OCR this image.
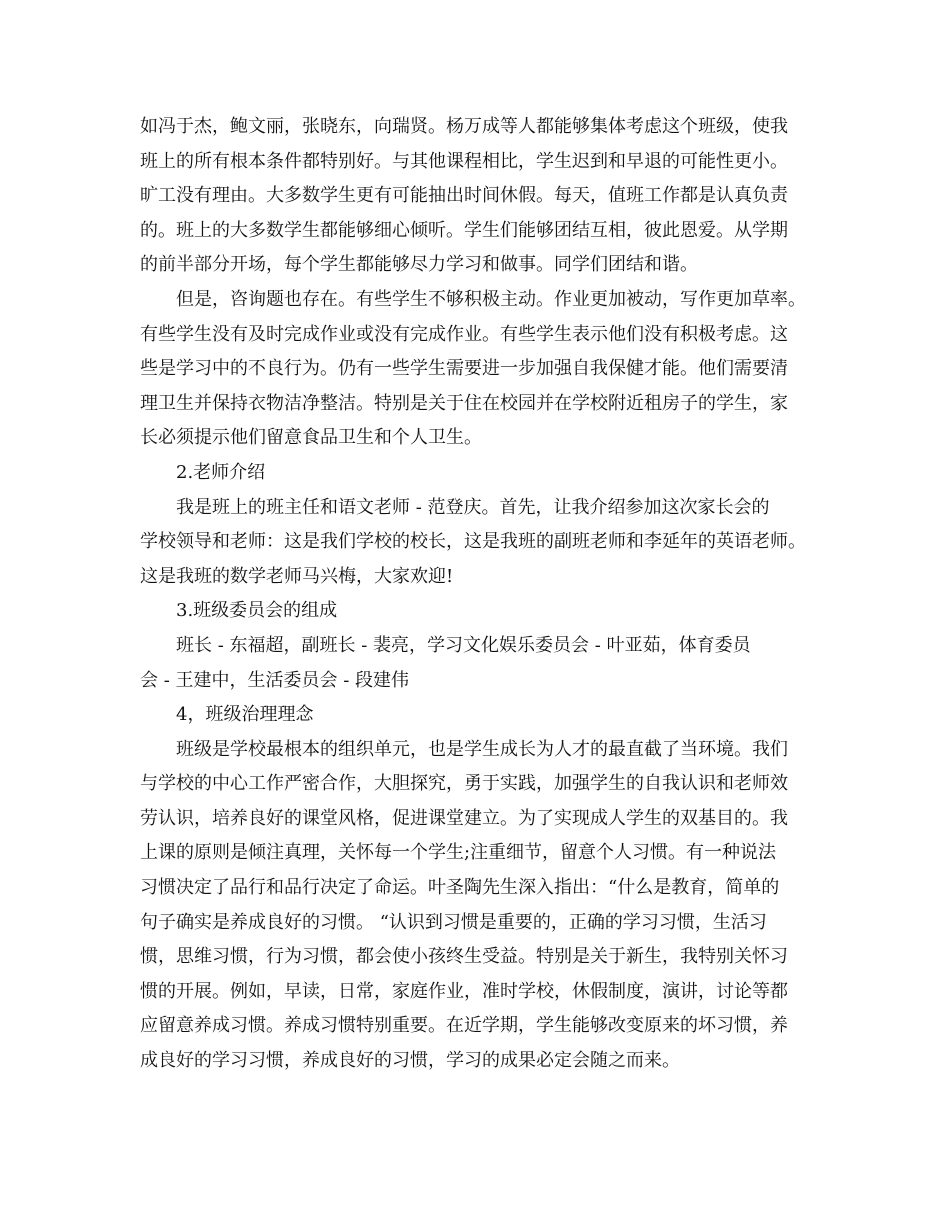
如冯于杰，鲍文丽，张晓东，向瑞贤。杨万成等人都能够集体考虑这个班级，使我
班上的所有根本条件都特别好。与其他课程相比，学生迟到和早退的可能性更小。
旷工没有理由。大多数学生更有可能抽出时间休假。每天，值班工作都是认真负责
的。班上的大多数学生都能够细心倾听。学生们能够团结互相，彼此恩爱。从学期
的前半部分开场，每个学生都能够尽力学习和做事。同学们团结和谐。
但是，咨询题也存在。有些学生不够积极主动。作业更加被动，写作更加草率。
有些学生没有及时完成作业或没有完成作业。有些学生表示他们没有积极考虑。这
些是学习中的不良行为。仍有一些学生需要进一步加强自我保健才能。他们需要清
理卫生并保持衣物洁净整洁。特别是关于住在校园并在学校附近租房子的学生，家
长必须提示他们留意食品卫生和个人卫生。
2.老师介绍
我是班上的班主任和语文老师 - 范登庆。首先，让我介绍参加这次家长会的
学校领导和老师：这是我们学校的校长，这是我班的副班老师和李延年的英语老师。
这是我班的数学老师马兴梅，大家欢迎!
3.班级委员会的组成
班长 - 东福超，副班长 - 裴亮，学习文化娱乐委员会 - 叶亚茹，体育委员
会 - 王建中，生活委员会 - 段建伟
4，班级治理理念
班级是学校最根本的组织单元，也是学生成长为人才的最直截了当环境。我们
与学校的中心工作严密合作，大胆探究，勇于实践，加强学生的自我认识和老师效
劳认识，培养良好的课堂风格，促进课堂建立。为了实现成人学生的双基目的。我
上课的原则是倾注真理，关怀每一个学生;注重细节，留意个人习惯。有一种说法
习惯决定了品行和品行决定了命运。叶圣陶先生深入指出：“什么是教育，简单的
句子确实是养成良好的习惯。 “认识到习惯是重要的，正确的学习习惯，生活习
惯，思维习惯，行为习惯，都会使小孩终生受益。特别是关于新生，我特别关怀习
惯的开展。例如，早读，日常，家庭作业，准时学校，休假制度，演讲，讨论等都
应留意养成习惯。养成习惯特别重要。在近学期，学生能够改变原来的坏习惯，养
成良好的学习习惯，养成良好的习惯，学习的成果必定会随之而来。
